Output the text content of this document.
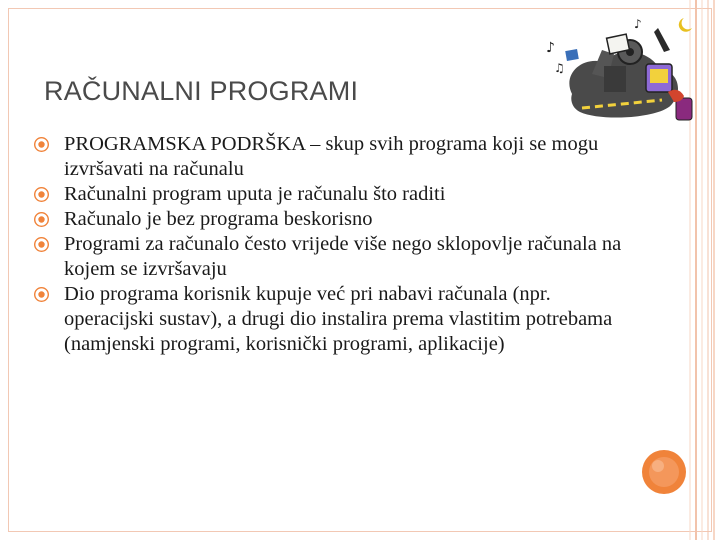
RAČUNALNI PROGRAMI
♪
♫
♪
PROGRAMSKA PODRŠKA – skup svih programa koji se mogu izvršavati na računalu
Računalni program uputa je računalu što raditi
Računalo je bez programa beskorisno
Programi za računalo često vrijede više nego sklopovlje računala na kojem se izvršavaju
Dio programa korisnik kupuje već pri nabavi računala (npr. operacijski sustav), a drugi dio instalira prema vlastitim potrebama (namjenski programi, korisnički programi, aplikacije)
